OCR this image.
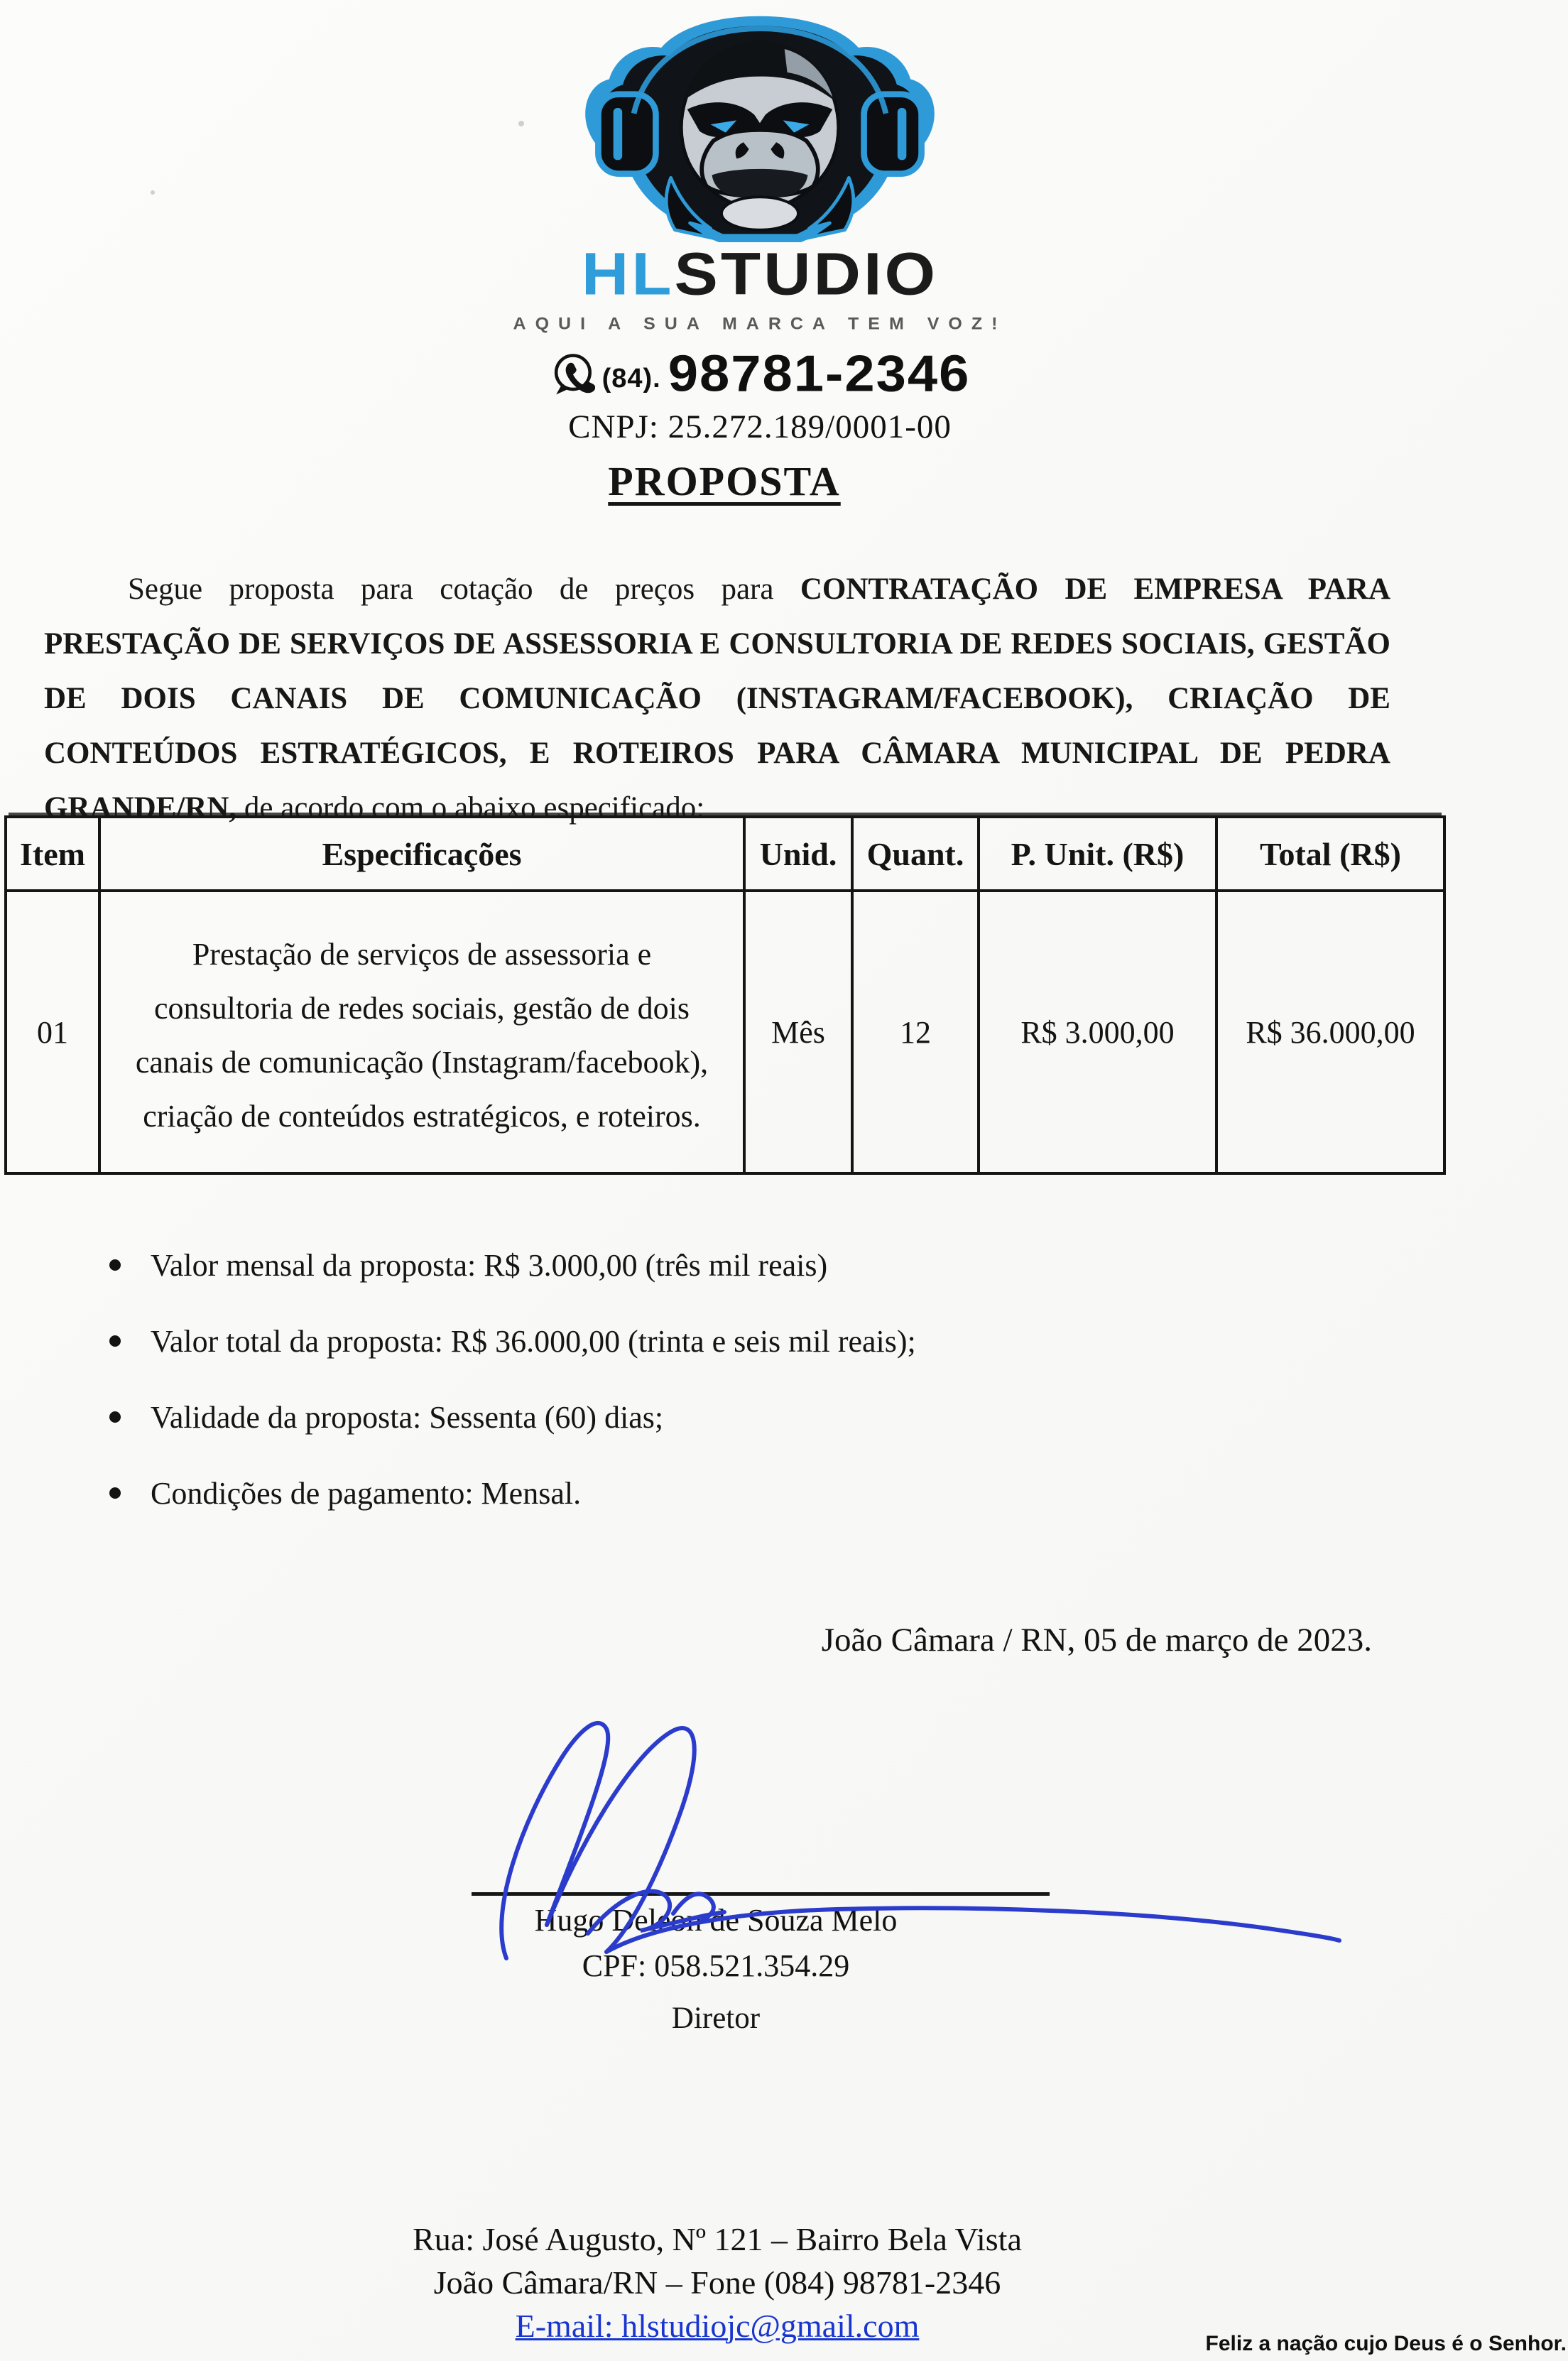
HLSTUDIO
AQUI A SUA MARCA TEM VOZ!
(84). 98781-2346
CNPJ: 25.272.189/0001-00
PROPOSTA

Segue proposta para cotação de preços para CONTRATAÇÃO DE EMPRESA PARA PRESTAÇÃO DE SERVIÇOS DE ASSESSORIA E CONSULTORIA DE REDES SOCIAIS, GESTÃO DE DOIS CANAIS DE COMUNICAÇÃO (INSTAGRAM/FACEBOOK), CRIAÇÃO DE CONTEÚDOS ESTRATÉGICOS, E ROTEIROS PARA CÂMARA MUNICIPAL DE PEDRA GRANDE/RN, de acordo com o abaixo especificado:

Item	Especificações	Unid.	Quant.	P. Unit. (R$)	Total (R$)
01	Prestação de serviços de assessoria e consultoria de redes sociais, gestão de dois canais de comunicação (Instagram/facebook), criação de conteúdos estratégicos, e roteiros.	Mês	12	R$ 3.000,00	R$ 36.000,00
Valor mensal da proposta: R$ 3.000,00 (três mil reais)
Valor total da proposta: R$ 36.000,00 (trinta e seis mil reais);
Validade da proposta: Sessenta (60) dias;
Condições de pagamento: Mensal.
João Câmara / RN, 05 de março de 2023.
Hugo Deleon de Souza Melo
CPF: 058.521.354.29
Diretor
Rua: José Augusto, Nº 121 – Bairro Bela Vista
João Câmara/RN – Fone (084) 98781-2346
E-mail: hlstudiojc@gmail.com	Feliz a nação cujo Deus é o Senhor.
